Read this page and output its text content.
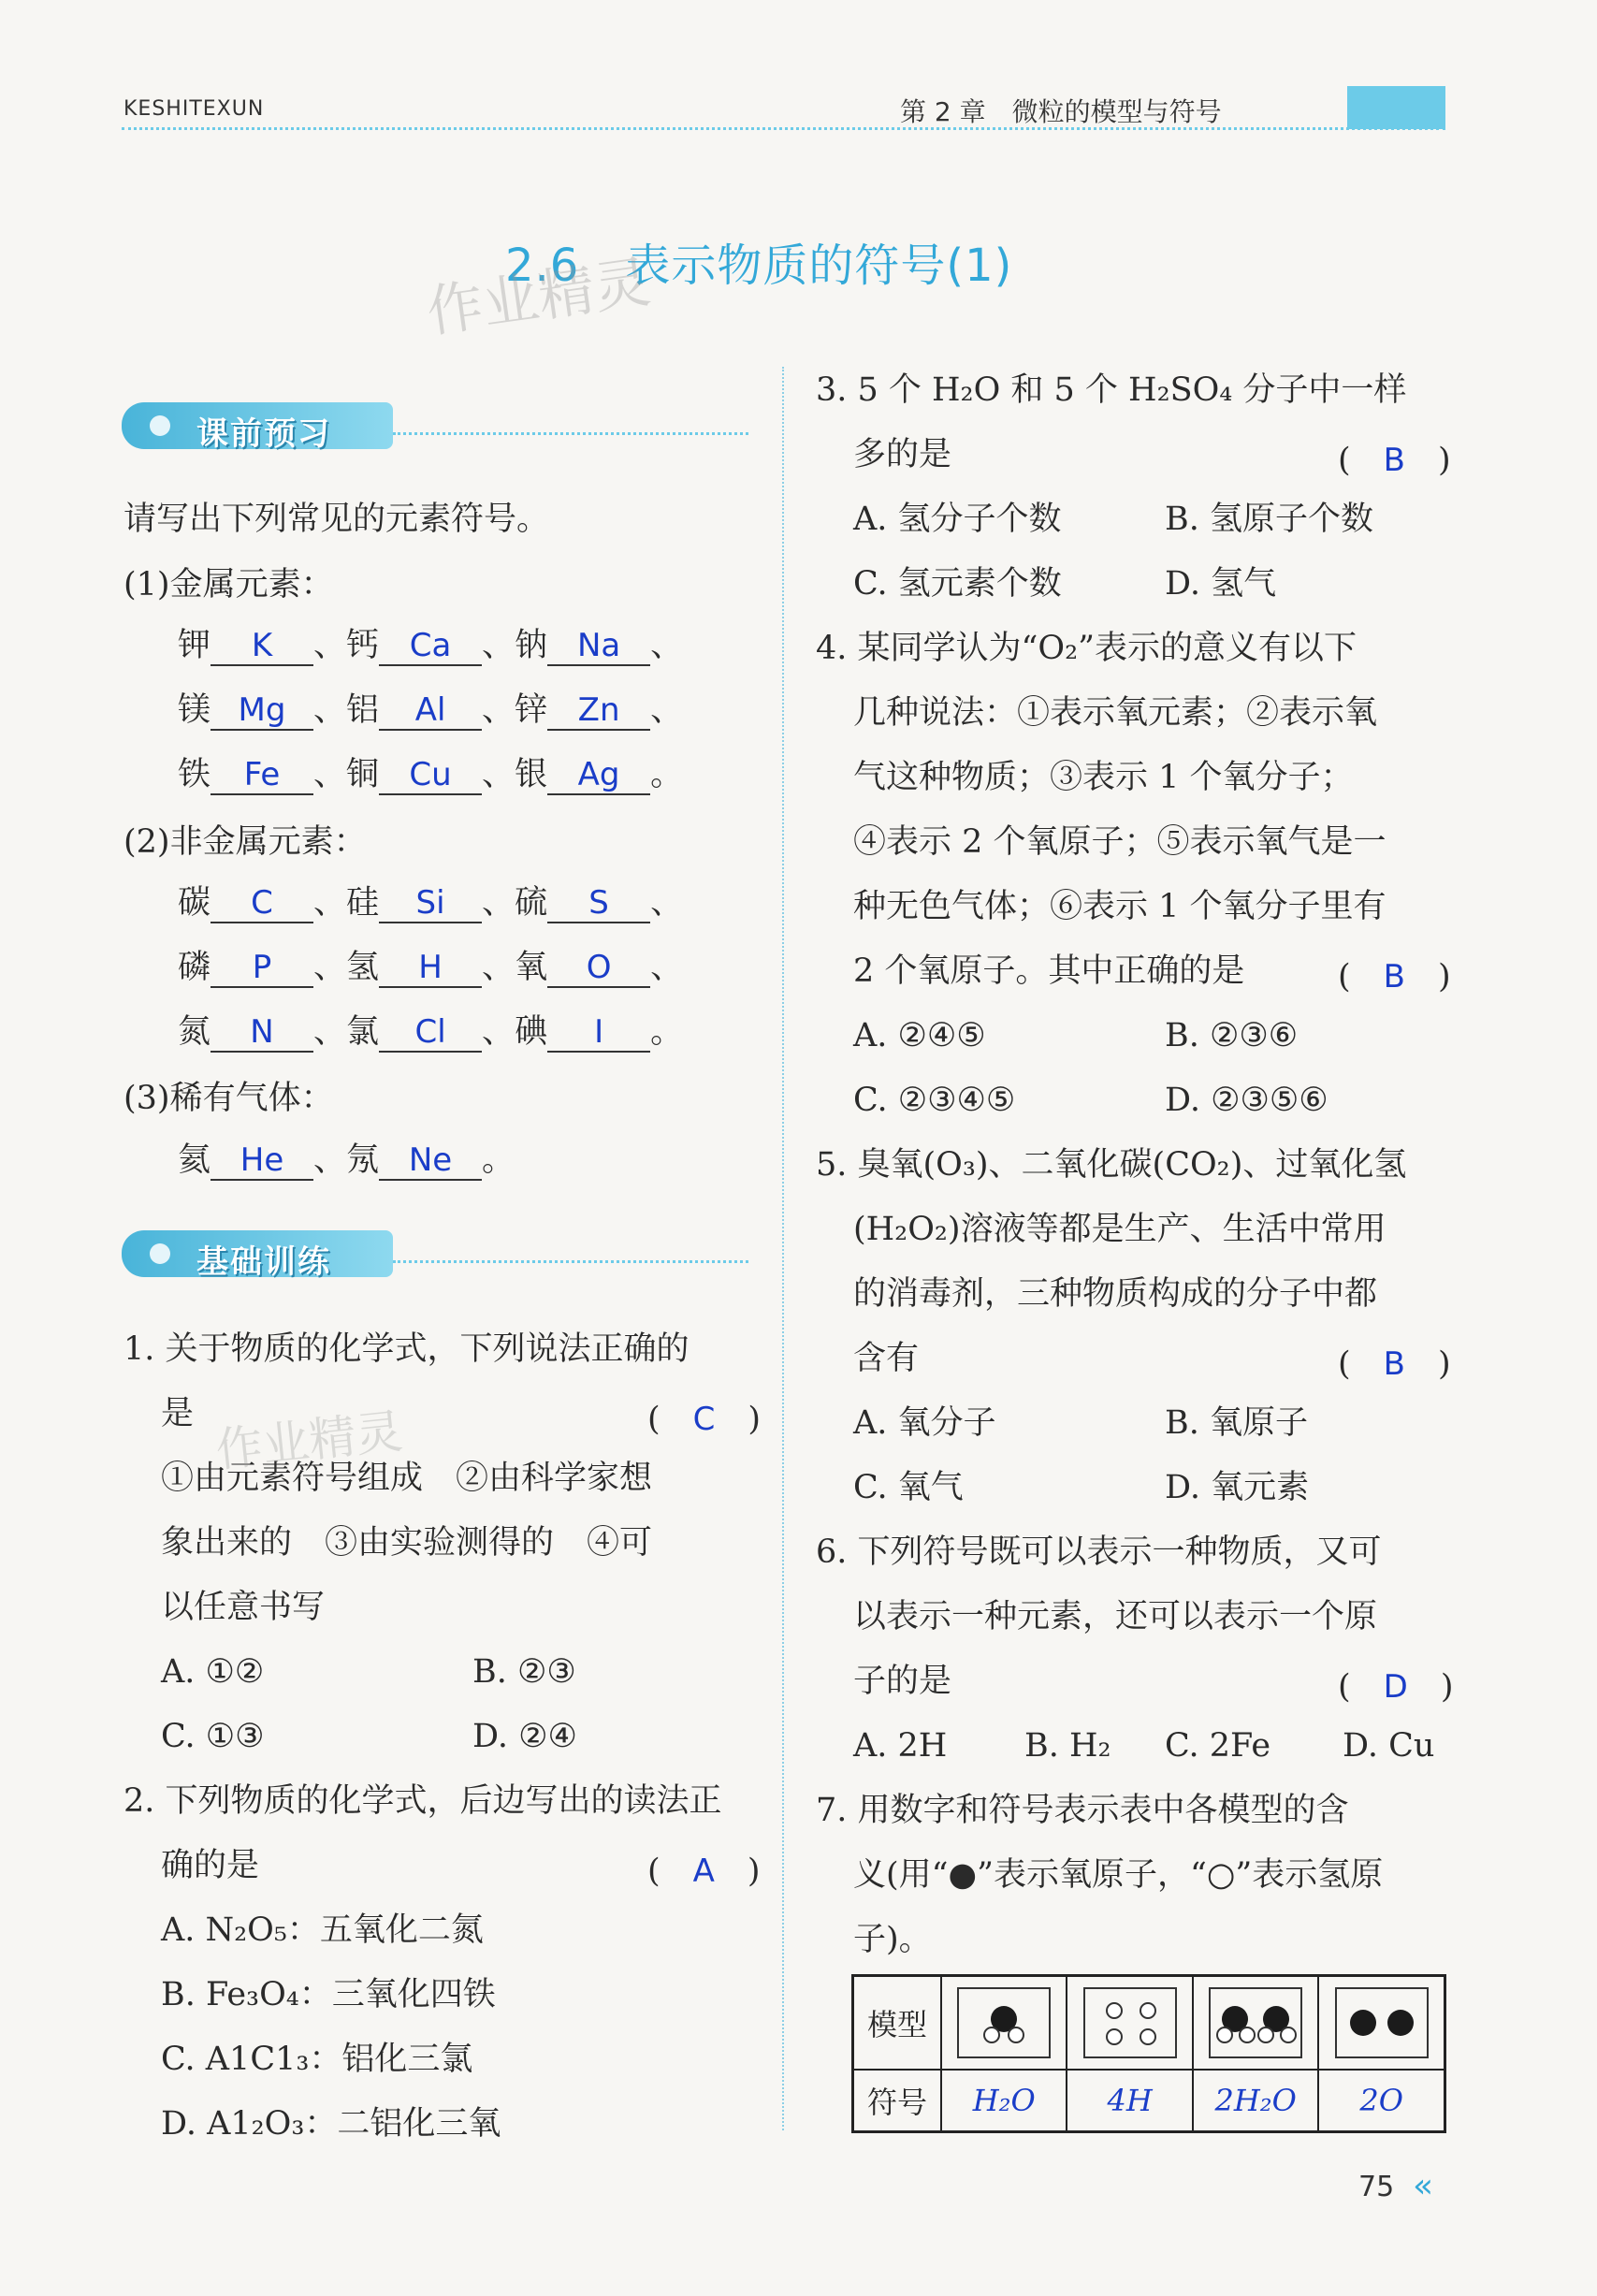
KESHITEXUN	第 2 章　微粒的模型与符号
2.6　表示物质的符号(1)
作业精灵
课前预习
请写出下列常见的元素符号。
(1)金属元素：
钾 K 、钙 Ca 、钠 Na 、
镁 Mg 、铝 Al 、锌 Zn 、
铁 Fe 、铜 Cu 、银 Ag 。
(2)非金属元素：
碳 C 、硅 Si 、硫 S 、
磷 P 、氢 H 、氧 O 、
氮 N 、氯 Cl 、碘 I 。
(3)稀有气体：
氦 He 、氖 Ne 。
基础训练
1. 关于物质的化学式，下列说法正确的
是	(　C　)
①由元素符号组成　②由科学家想
象出来的　③由实验测得的　④可
以任意书写
A. ①②	B. ②③
C. ①③	D. ②④
作业精灵
2. 下列物质的化学式，后边写出的读法正
确的是	(　A　)
A. N₂O₅：五氧化二氮
B. Fe₃O₄：三氧化四铁
C. A1C1₃：铝化三氯
D. A1₂O₃：二铝化三氧
3. 5 个 H₂O 和 5 个 H₂SO₄ 分子中一样
多的是	(　B　)
A. 氢分子个数	B. 氢原子个数
C. 氢元素个数	D. 氢气
4. 某同学认为“O₂”表示的意义有以下
几种说法：①表示氧元素；②表示氧
气这种物质；③表示 1 个氧分子；
④表示 2 个氧原子；⑤表示氧气是一
种无色气体；⑥表示 1 个氧分子里有
2 个氧原子。其中正确的是	(　B　)
A. ②④⑤	B. ②③⑥
C. ②③④⑤	D. ②③⑤⑥
5. 臭氧(O₃)、二氧化碳(CO₂)、过氧化氢
(H₂O₂)溶液等都是生产、生活中常用
的消毒剂，三种物质构成的分子中都
含有	(　B　)
A. 氧分子	B. 氧原子
C. 氧气	D. 氧元素
6. 下列符号既可以表示一种物质，又可
以表示一种元素，还可以表示一个原
子的是	(　D　)
A. 2H B. H₂ C. 2Fe D. Cu
7. 用数字和符号表示表中各模型的含
义(用“●”表示氧原子，“○”表示氢原
子)。
模型	

符号	H₂O	4H	2H₂O	2O
75 «
